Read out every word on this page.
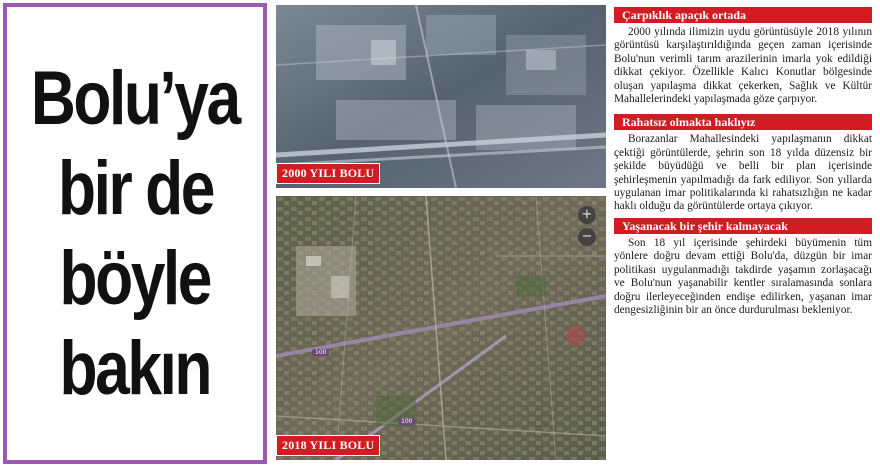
Bolu’ya
bir de
böyle
bakın
2000 YILI BOLU
+
−
100
100
2018 YILI BOLU
Çarpıklık apaçık ortada

2000 yılında ilimizin uydu görüntüsüyle 2018 yılının görüntüsü karşılaştırıldığında geçen zaman içerisinde Bolu'nun verimli tarım arazilerinin imarla yok edildiği dikkat çekiyor. Özellikle Kalıcı Konutlar bölgesinde oluşan yapılaşma dikkat çekerken, Sağlık ve Kültür Mahallelerindeki yapılaşmada göze çarpıyor.

Rahatsız olmakta haklıyız

Borazanlar Mahallesindeki yapılaşmanın dikkat çektiği görüntülerde, şehrin son 18 yılda düzensiz bir şekilde büyüdüğü ve belli bir plan içerisinde şehirleşmenin yapılmadığı da fark ediliyor. Son yıllarda uygulanan imar politikalarında ki rahatsızlığın ne kadar haklı olduğu da görüntülerde ortaya çıkıyor.

Yaşanacak bir şehir kalmayacak

Son 18 yıl içerisinde şehirdeki büyümenin tüm yönlere doğru devam ettiği Bolu'da, düzgün bir imar politikası uygulanmadığı takdirde yaşamın zorlaşacağı ve Bolu'nun yaşanabilir kentler sıralamasında sonlara doğru ilerleyeceğinden endişe edilirken, yaşanan imar dengesizliğinin bir an önce durdurulması bekleniyor.
